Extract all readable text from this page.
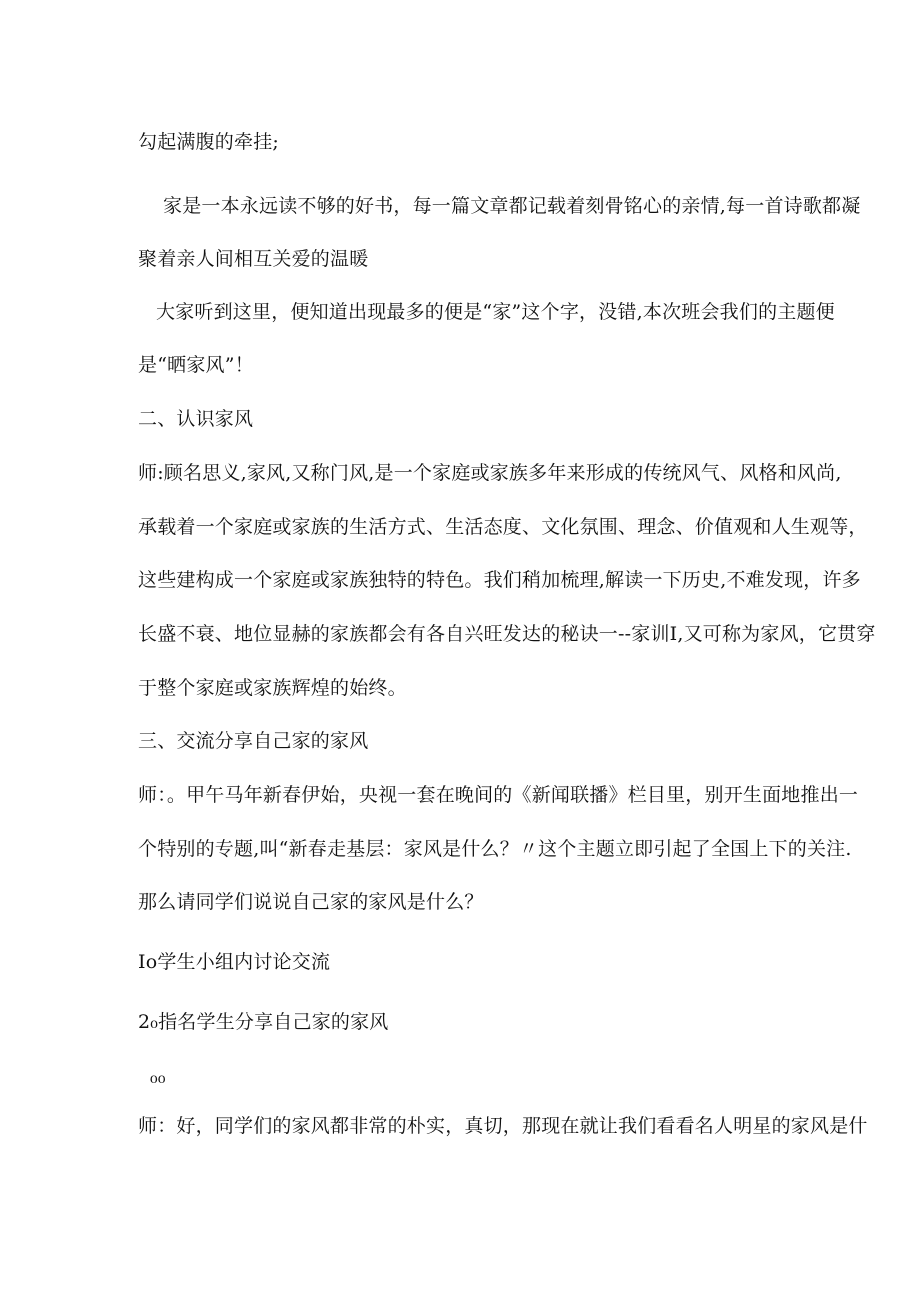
勾起满腹的牵挂;
家是一本永远读不够的好书，每一篇文章都记载着刻骨铭心的亲情,每一首诗歌都凝
聚着亲人间相互关爱的温暖
大家听到这里，便知道出现最多的便是“家”这个字，没错,本次班会我们的主题便
是“晒家风”！
二、认识家风
师:顾名思义,家风,又称门风,是一个家庭或家族多年来形成的传统风气、风格和风尚,
承载着一个家庭或家族的生活方式、生活态度、文化氛围、理念、价值观和人生观等，
这些建构成一个家庭或家族独特的特色。我们稍加梳理,解读一下历史,不难发现，许多
长盛不衰、地位显赫的家族都会有各自兴旺发达的秘诀一--家训I,又可称为家风，它贯穿
于整个家庭或家族辉煌的始终。
三、交流分享自己家的家风
师：。甲午马年新春伊始，央视一套在晚间的《新闻联播》栏目里，别开生面地推出一
个特别的专题,叫“新春走基层：家风是什么？〃这个主题立即引起了全国上下的关注.
那么请同学们说说自己家的家风是什么？
Io学生小组内讨论交流
2₀指名学生分享自己家的家风
₀₀
师：好，同学们的家风都非常的朴实，真切，那现在就让我们看看名人明星的家风是什
